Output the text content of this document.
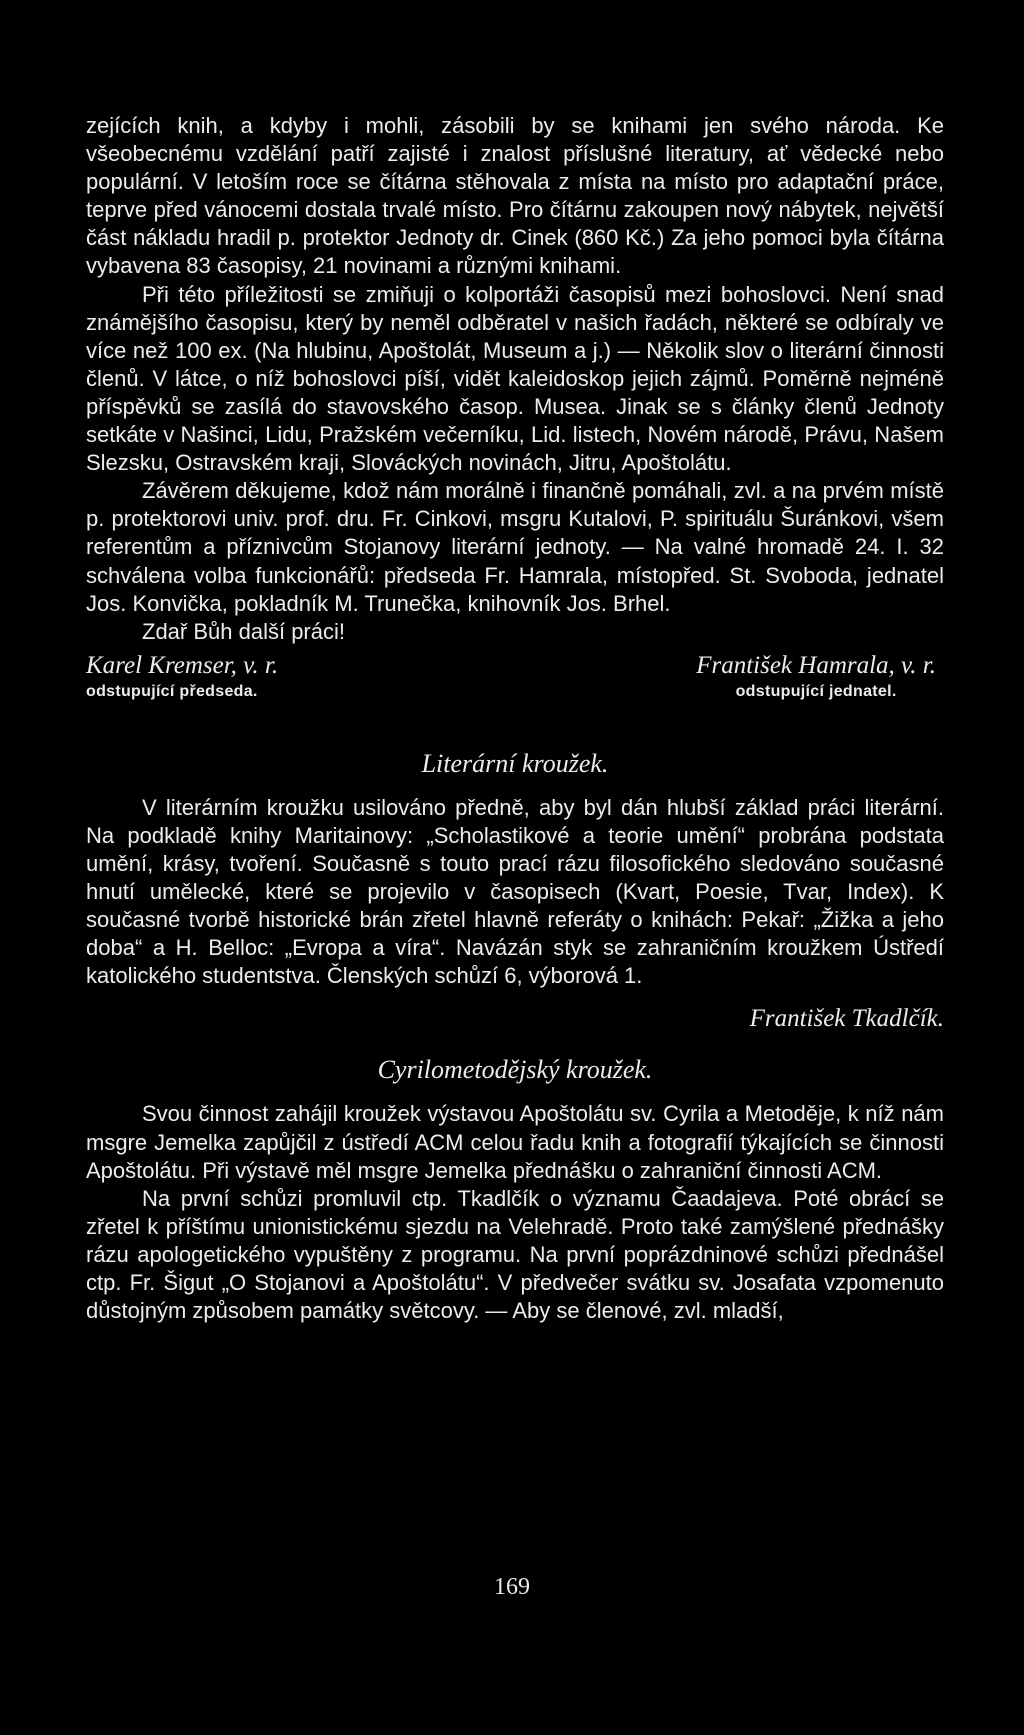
zejících knih, a kdyby i mohli, zásobili by se knihami jen svého národa. Ke všeobecnému vzdělání patří zajisté i znalost příslušné literatury, ať vědecké nebo populární. V letoším roce se čítárna stěhovala z místa na místo pro adaptační práce, teprve před vánocemi dostala trvalé místo. Pro čítárnu zakoupen nový nábytek, největší část nákladu hradil p. protektor Jednoty dr. Cinek (860 Kč.) Za jeho pomoci byla čítárna vybavena 83 časopisy, 21 novinami a různými knihami.

Při této příležitosti se zmiňuji o kolportáži časopisů mezi bohoslovci. Není snad známějšího časopisu, který by neměl odběratel v našich řadách, některé se odbíraly ve více než 100 ex. (Na hlubinu, Apoštolát, Museum a j.) — Několik slov o literární činnosti členů. V látce, o níž bohoslovci píší, vidět kaleidoskop jejich zájmů. Poměrně nejméně příspěvků se zasílá do stavovského časop. Musea. Jinak se s články členů Jednoty setkáte v Našinci, Lidu, Pražském večerníku, Lid. listech, Novém národě, Právu, Našem Slezsku, Ostravském kraji, Slováckých novinách, Jitru, Apoštolátu.

Závěrem děkujeme, kdož nám morálně i finančně pomáhali, zvl. a na prvém místě p. protektorovi univ. prof. dru. Fr. Cinkovi, msgru Kutalovi, P. spirituálu Šuránkovi, všem referentům a příznivcům Stojanovy literární jednoty. — Na valné hromadě 24. I. 32 schválena volba funkcionářů: předseda Fr. Hamrala, místopřed. St. Svoboda, jednatel Jos. Konvička, pokladník M. Trunečka, knihovník Jos. Brhel.

Zdař Bůh další práci!

Karel Kremser, v. r.
odstupující předseda.
František Hamrala, v. r.
odstupující jednatel.
Literární kroužek.

V literárním kroužku usilováno předně, aby byl dán hlubší základ práci literární. Na podkladě knihy Maritainovy: „Scholastikové a teorie umění“ probrána podstata umění, krásy, tvoření. Současně s touto prací rázu filosofického sledováno současné hnutí umělecké, které se projevilo v časopisech (Kvart, Poesie, Tvar, Index). K současné tvorbě historické brán zřetel hlavně referáty o knihách: Pekař: „Žižka a jeho doba“ a H. Belloc: „Evropa a víra“. Navázán styk se zahraničním kroužkem Ústředí katolického studentstva. Členských schůzí 6, výborová 1.

František Tkadlčík.
Cyrilometodějský kroužek.

Svou činnost zahájil kroužek výstavou Apoštolátu sv. Cyrila a Metoděje, k níž nám msgre Jemelka zapůjčil z ústředí ACM celou řadu knih a fotografií týkajících se činnosti Apoštolátu. Při výstavě měl msgre Jemelka přednášku o zahraniční činnosti ACM.

Na první schůzi promluvil ctp. Tkadlčík o významu Čaadajeva. Poté obrácí se zřetel k příštímu unionistickému sjezdu na Velehradě. Proto také zamýšlené přednášky rázu apologetického vypuštěny z programu. Na první poprázdninové schůzi přednášel ctp. Fr. Šigut „O Stojanovi a Apoštolátu“. V předvečer svátku sv. Josafata vzpomenuto důstojným způsobem památky světcovy. — Aby se členové, zvl. mladší,

169
